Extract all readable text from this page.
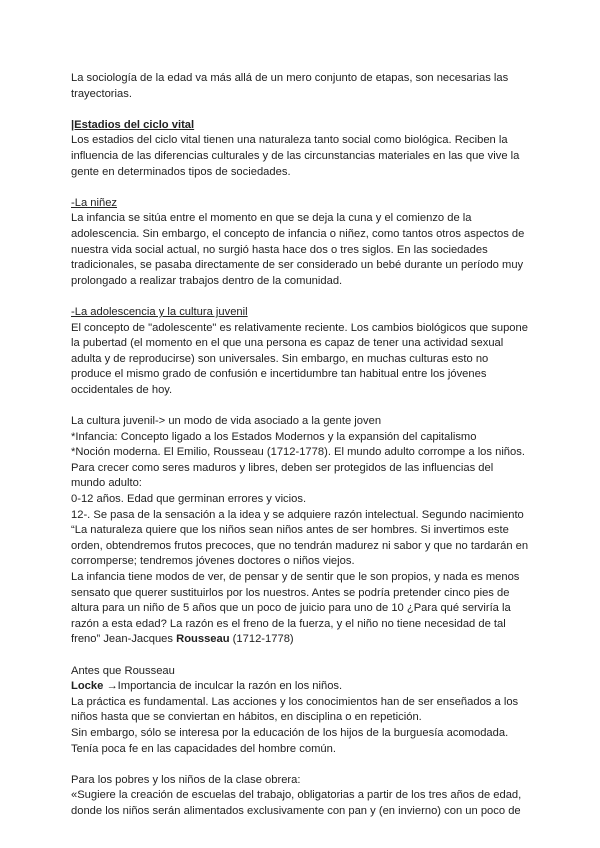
La sociología de la edad va más allá de un mero conjunto de etapas, son necesarias las

trayectorias.

|Estadios del ciclo vital

Los estadios del ciclo vital tienen una naturaleza tanto social como biológica. Reciben la

influencia de las diferencias culturales y de las circunstancias materiales en las que vive la

gente en determinados tipos de sociedades.

-La niñez

La infancia se sitúa entre el momento en que se deja la cuna y el comienzo de la

adolescencia. Sin embargo, el concepto de infancia o niñez, como tantos otros aspectos de

nuestra vida social actual, no surgió hasta hace dos o tres siglos. En las sociedades

tradicionales, se pasaba directamente de ser considerado un bebé durante un período muy

prolongado a realizar trabajos dentro de la comunidad.

-La adolescencia y la cultura juvenil

El concepto de "adolescente" es relativamente reciente. Los cambios biológicos que supone

la pubertad (el momento en el que una persona es capaz de tener una actividad sexual

adulta y de reproducirse) son universales. Sin embargo, en muchas culturas esto no

produce el mismo grado de confusión e incertidumbre tan habitual entre los jóvenes

occidentales de hoy.

La cultura juvenil-> un modo de vida asociado a la gente joven

*Infancia: Concepto ligado a los Estados Modernos y la expansión del capitalismo

*Noción moderna. El Emilio, Rousseau (1712-1778). El mundo adulto corrompe a los niños.

Para crecer como seres maduros y libres, deben ser protegidos de las influencias del

mundo adulto:

0-12 años. Edad que germinan errores y vicios.

12-. Se pasa de la sensación a la idea y se adquiere razón intelectual. Segundo nacimiento

“La naturaleza quiere que los niños sean niños antes de ser hombres. Si invertimos este

orden, obtendremos frutos precoces, que no tendrán madurez ni sabor y que no tardarán en

corromperse; tendremos jóvenes doctores o niños viejos.

La infancia tiene modos de ver, de pensar y de sentir que le son propios, y nada es menos

sensato que querer sustituirlos por los nuestros. Antes se podría pretender cinco pies de

altura para un niño de 5 años que un poco de juicio para uno de 10 ¿Para qué serviría la

razón a esta edad? La razón es el freno de la fuerza, y el niño no tiene necesidad de tal

freno” Jean-Jacques Rousseau (1712-1778)

Antes que Rousseau

Locke →Importancia de inculcar la razón en los niños.

La práctica es fundamental. Las acciones y los conocimientos han de ser enseñados a los

niños hasta que se conviertan en hábitos, en disciplina o en repetición.

Sin embargo, sólo se interesa por la educación de los hijos de la burguesía acomodada.

Tenía poca fe en las capacidades del hombre común.

Para los pobres y los niños de la clase obrera:

«Sugiere la creación de escuelas del trabajo, obligatorias a partir de los tres años de edad,

donde los niños serán alimentados exclusivamente con pan y (en invierno) con un poco de
